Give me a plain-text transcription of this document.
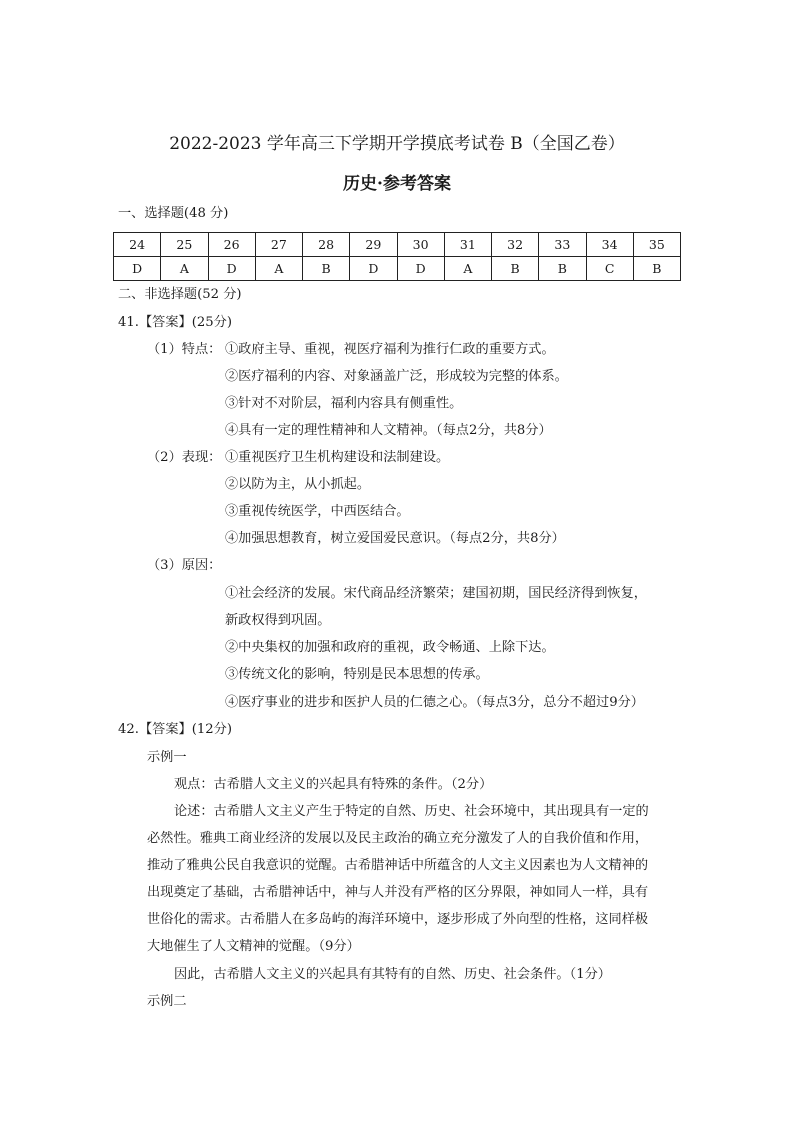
2022-2023 学年高三下学期开学摸底考试卷 B（全国乙卷）
历史·参考答案
一、选择题(48 分)
24	25	26	27	28	29	30	31	32	33	34	35
D	A	D	A	B	D	D	A	B	B	C	B
二、非选择题(52 分)
41.【答案】(25分)
（1）特点： ①政府主导、重视，视医疗福利为推行仁政的重要方式。
②医疗福利的内容、对象涵盖广泛，形成较为完整的体系。
③针对不对阶层，福利内容具有侧重性。
④具有一定的理性精神和人文精神。（每点2分，共8分）
（2）表现： ①重视医疗卫生机构建设和法制建设。
②以防为主，从小抓起。
③重视传统医学，中西医结合。
④加强思想教育，树立爱国爱民意识。（每点2分，共8分）
（3）原因：
①社会经济的发展。宋代商品经济繁荣；建国初期，国民经济得到恢复，
新政权得到巩固。
②中央集权的加强和政府的重视，政令畅通、上除下达。
③传统文化的影响，特别是民本思想的传承。
④医疗事业的进步和医护人员的仁德之心。（每点3分，总分不超过9分）
42.【答案】(12分)
示例一
观点：古希腊人文主义的兴起具有特殊的条件。（2分）
论述：古希腊人文主义产生于特定的自然、历史、社会环境中，其出现具有一定的
必然性。雅典工商业经济的发展以及民主政治的确立充分激发了人的自我价值和作用，
推动了雅典公民自我意识的觉醒。古希腊神话中所蕴含的人文主义因素也为人文精神的
出现奠定了基础，古希腊神话中，神与人并没有严格的区分界限，神如同人一样，具有
世俗化的需求。古希腊人在多岛屿的海洋环境中，逐步形成了外向型的性格，这同样极
大地催生了人文精神的觉醒。（9分）
因此，古希腊人文主义的兴起具有其特有的自然、历史、社会条件。（1分）
示例二
